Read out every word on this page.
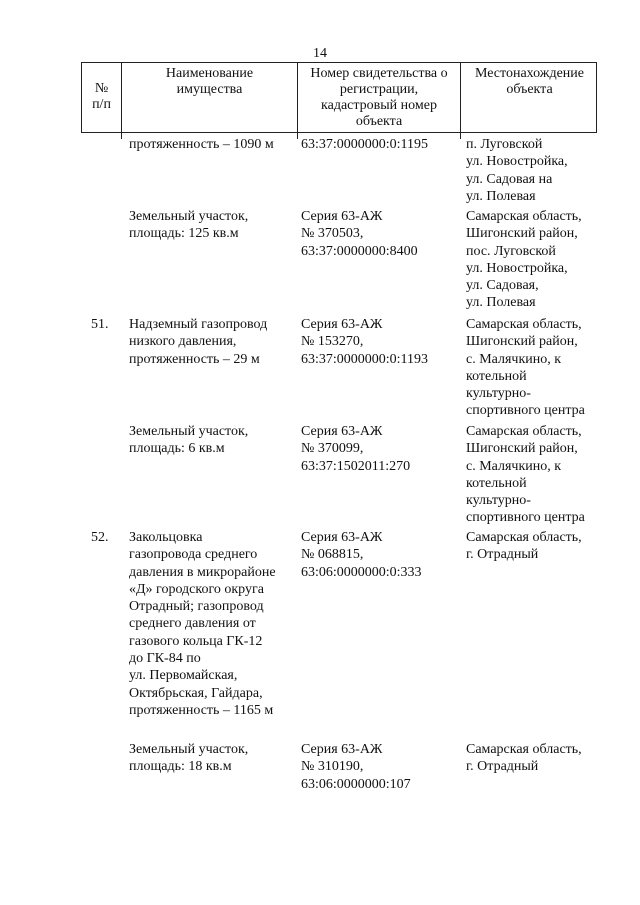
14
№
п/п
Наименование
имущества
Номер свидетельства о
регистрации,
кадастровый номер
объекта
Местонахождение
объекта
протяженность – 1090 м	63:37:0000000:0:1195	п. Луговской
ул. Новостройка,
ул. Садовая на
ул. Полевая
Земельный участок,
площадь: 125 кв.м
Серия 63-АЖ
№ 370503,
63:37:0000000:8400
Самарская область,
Шигонский район,
пос. Луговской
ул. Новостройка,
ул. Садовая,
ул. Полевая
51. Надземный газопровод
низкого давления,
протяженность – 29 м
Серия 63-АЖ
№ 153270,
63:37:0000000:0:1193
Самарская область,
Шигонский район,
с. Малячкино, к
котельной
культурно-
спортивного центра
Земельный участок,
площадь: 6 кв.м
Серия 63-АЖ
№ 370099,
63:37:1502011:270
Самарская область,
Шигонский район,
с. Малячкино, к
котельной
культурно-
спортивного центра
52. Закольцовка
газопровода среднего
давления в микрорайоне
«Д» городского округа
Отрадный; газопровод
среднего давления от
газового кольца ГК-12
до ГК-84 по
ул. Первомайская,
Октябрьская, Гайдара,
протяженность – 1165 м
Серия 63-АЖ
№ 068815,
63:06:0000000:0:333
Самарская область,
г. Отрадный
Земельный участок,
площадь: 18 кв.м
Серия 63-АЖ
№ 310190,
63:06:0000000:107
Самарская область,
г. Отрадный
